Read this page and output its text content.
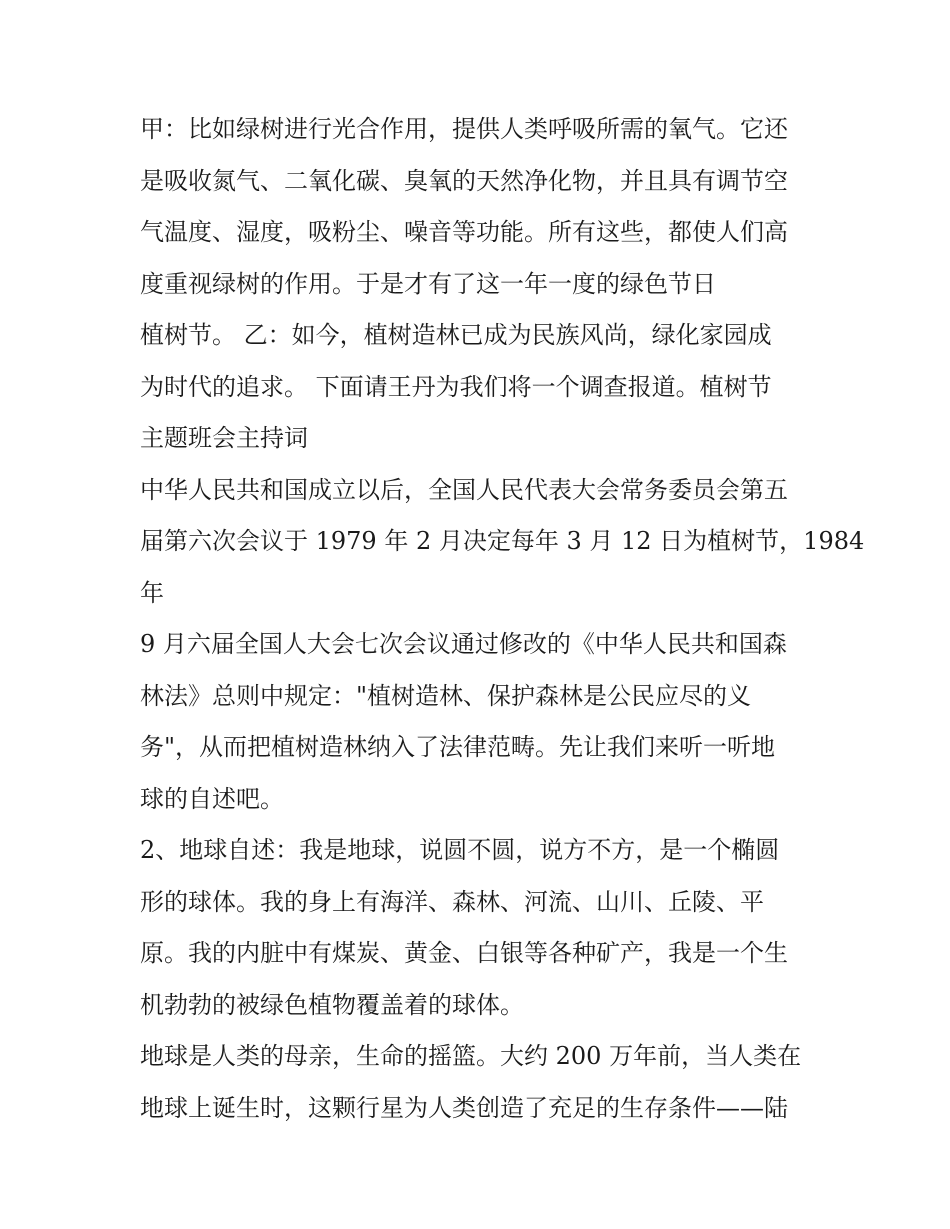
甲：比如绿树进行光合作用，提供人类呼吸所需的氧气。它还
是吸收氮气、二氧化碳、臭氧的天然净化物，并且具有调节空
气温度、湿度，吸粉尘、噪音等功能。所有这些，都使人们高
度重视绿树的作用。于是才有了这一年一度的绿色节日
植树节。 乙：如今，植树造林已成为民族风尚，绿化家园成
为时代的追求。 下面请王丹为我们将一个调查报道。植树节
主题班会主持词
中华人民共和国成立以后，全国人民代表大会常务委员会第五
届第六次会议于 1979 年 2 月决定每年 3 月 12 日为植树节，1984
年
9 月六届全国人大会七次会议通过修改的《中华人民共和国森
林法》总则中规定："植树造林、保护森林是公民应尽的义
务"，从而把植树造林纳入了法律范畴。先让我们来听一听地
球的自述吧。
2、地球自述：我是地球，说圆不圆，说方不方，是一个椭圆
形的球体。我的身上有海洋、森林、河流、山川、丘陵、平
原。我的内脏中有煤炭、黄金、白银等各种矿产，我是一个生
机勃勃的被绿色植物覆盖着的球体。
地球是人类的母亲，生命的摇篮。大约 200 万年前，当人类在
地球上诞生时，这颗行星为人类创造了充足的生存条件——陆
